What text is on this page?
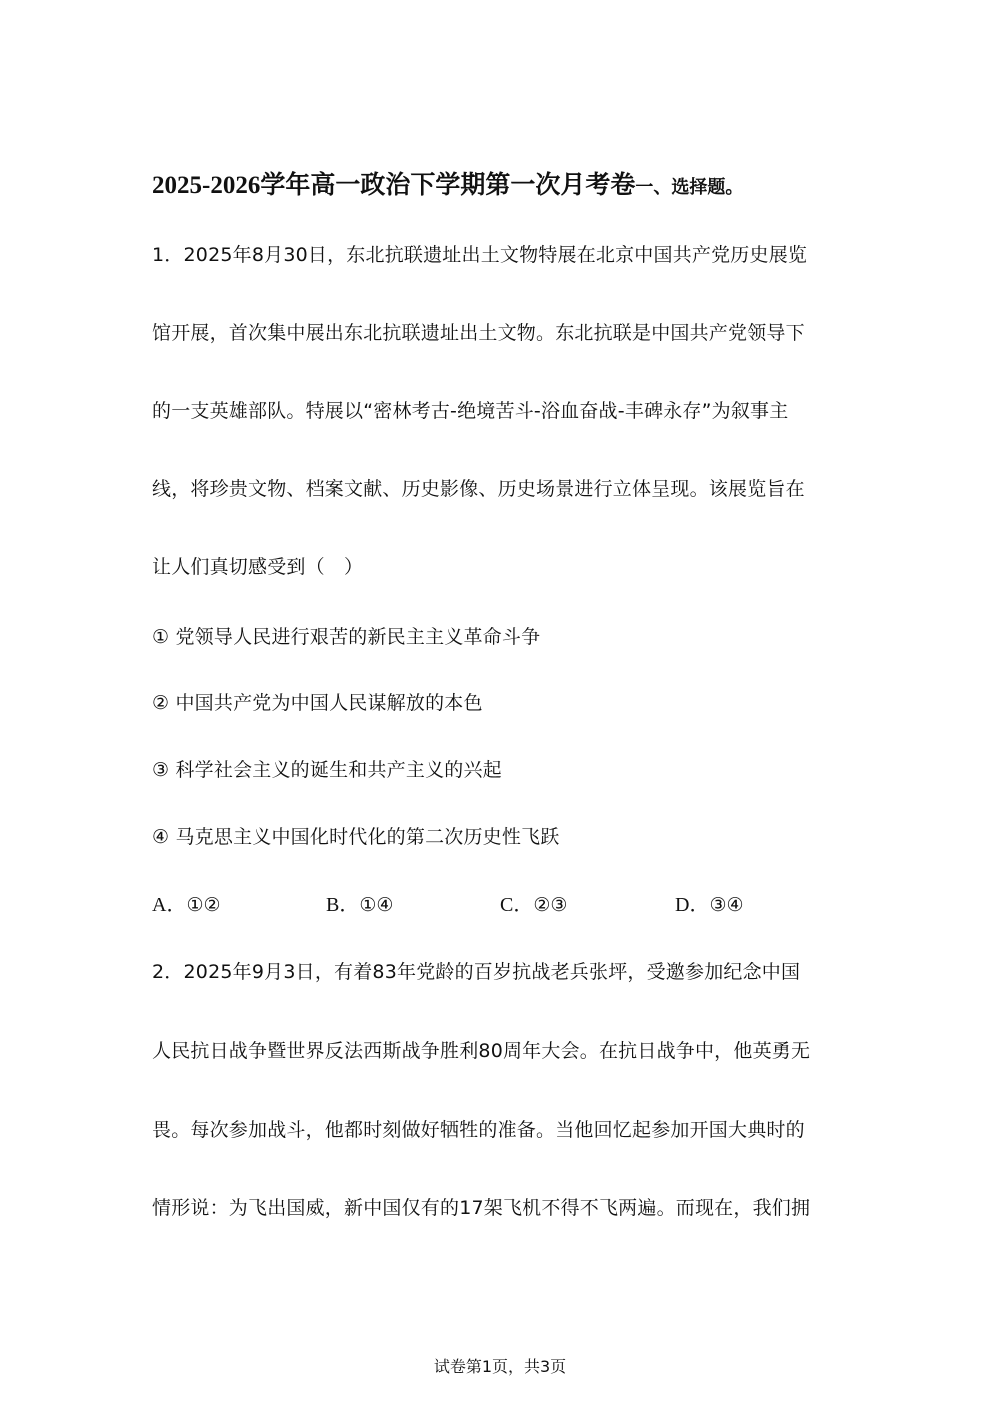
2025-2026学年高一政治下学期第一次月考卷一、选择题。
1．2025年8月30日，东北抗联遗址出土文物特展在北京中国共产党历史展览
馆开展，首次集中展出东北抗联遗址出土文物。东北抗联是中国共产党领导下
的一支英雄部队。特展以“密林考古-绝境苦斗-浴血奋战-丰碑永存”为叙事主
线，将珍贵文物、档案文献、历史影像、历史场景进行立体呈现。该展览旨在
让人们真切感受到（　）
① 党领导人民进行艰苦的新民主主义革命斗争
② 中国共产党为中国人民谋解放的本色
③ 科学社会主义的诞生和共产主义的兴起
④ 马克思主义中国化时代化的第二次历史性飞跃
A．①②	B．①④	C．②③	D．③④
2．2025年9月3日，有着83年党龄的百岁抗战老兵张坪，受邀参加纪念中国
人民抗日战争暨世界反法西斯战争胜利80周年大会。在抗日战争中，他英勇无
畏。每次参加战斗，他都时刻做好牺牲的准备。当他回忆起参加开国大典时的
情形说：为飞出国威，新中国仅有的17架飞机不得不飞两遍。而现在，我们拥
试卷第1页，共3页
